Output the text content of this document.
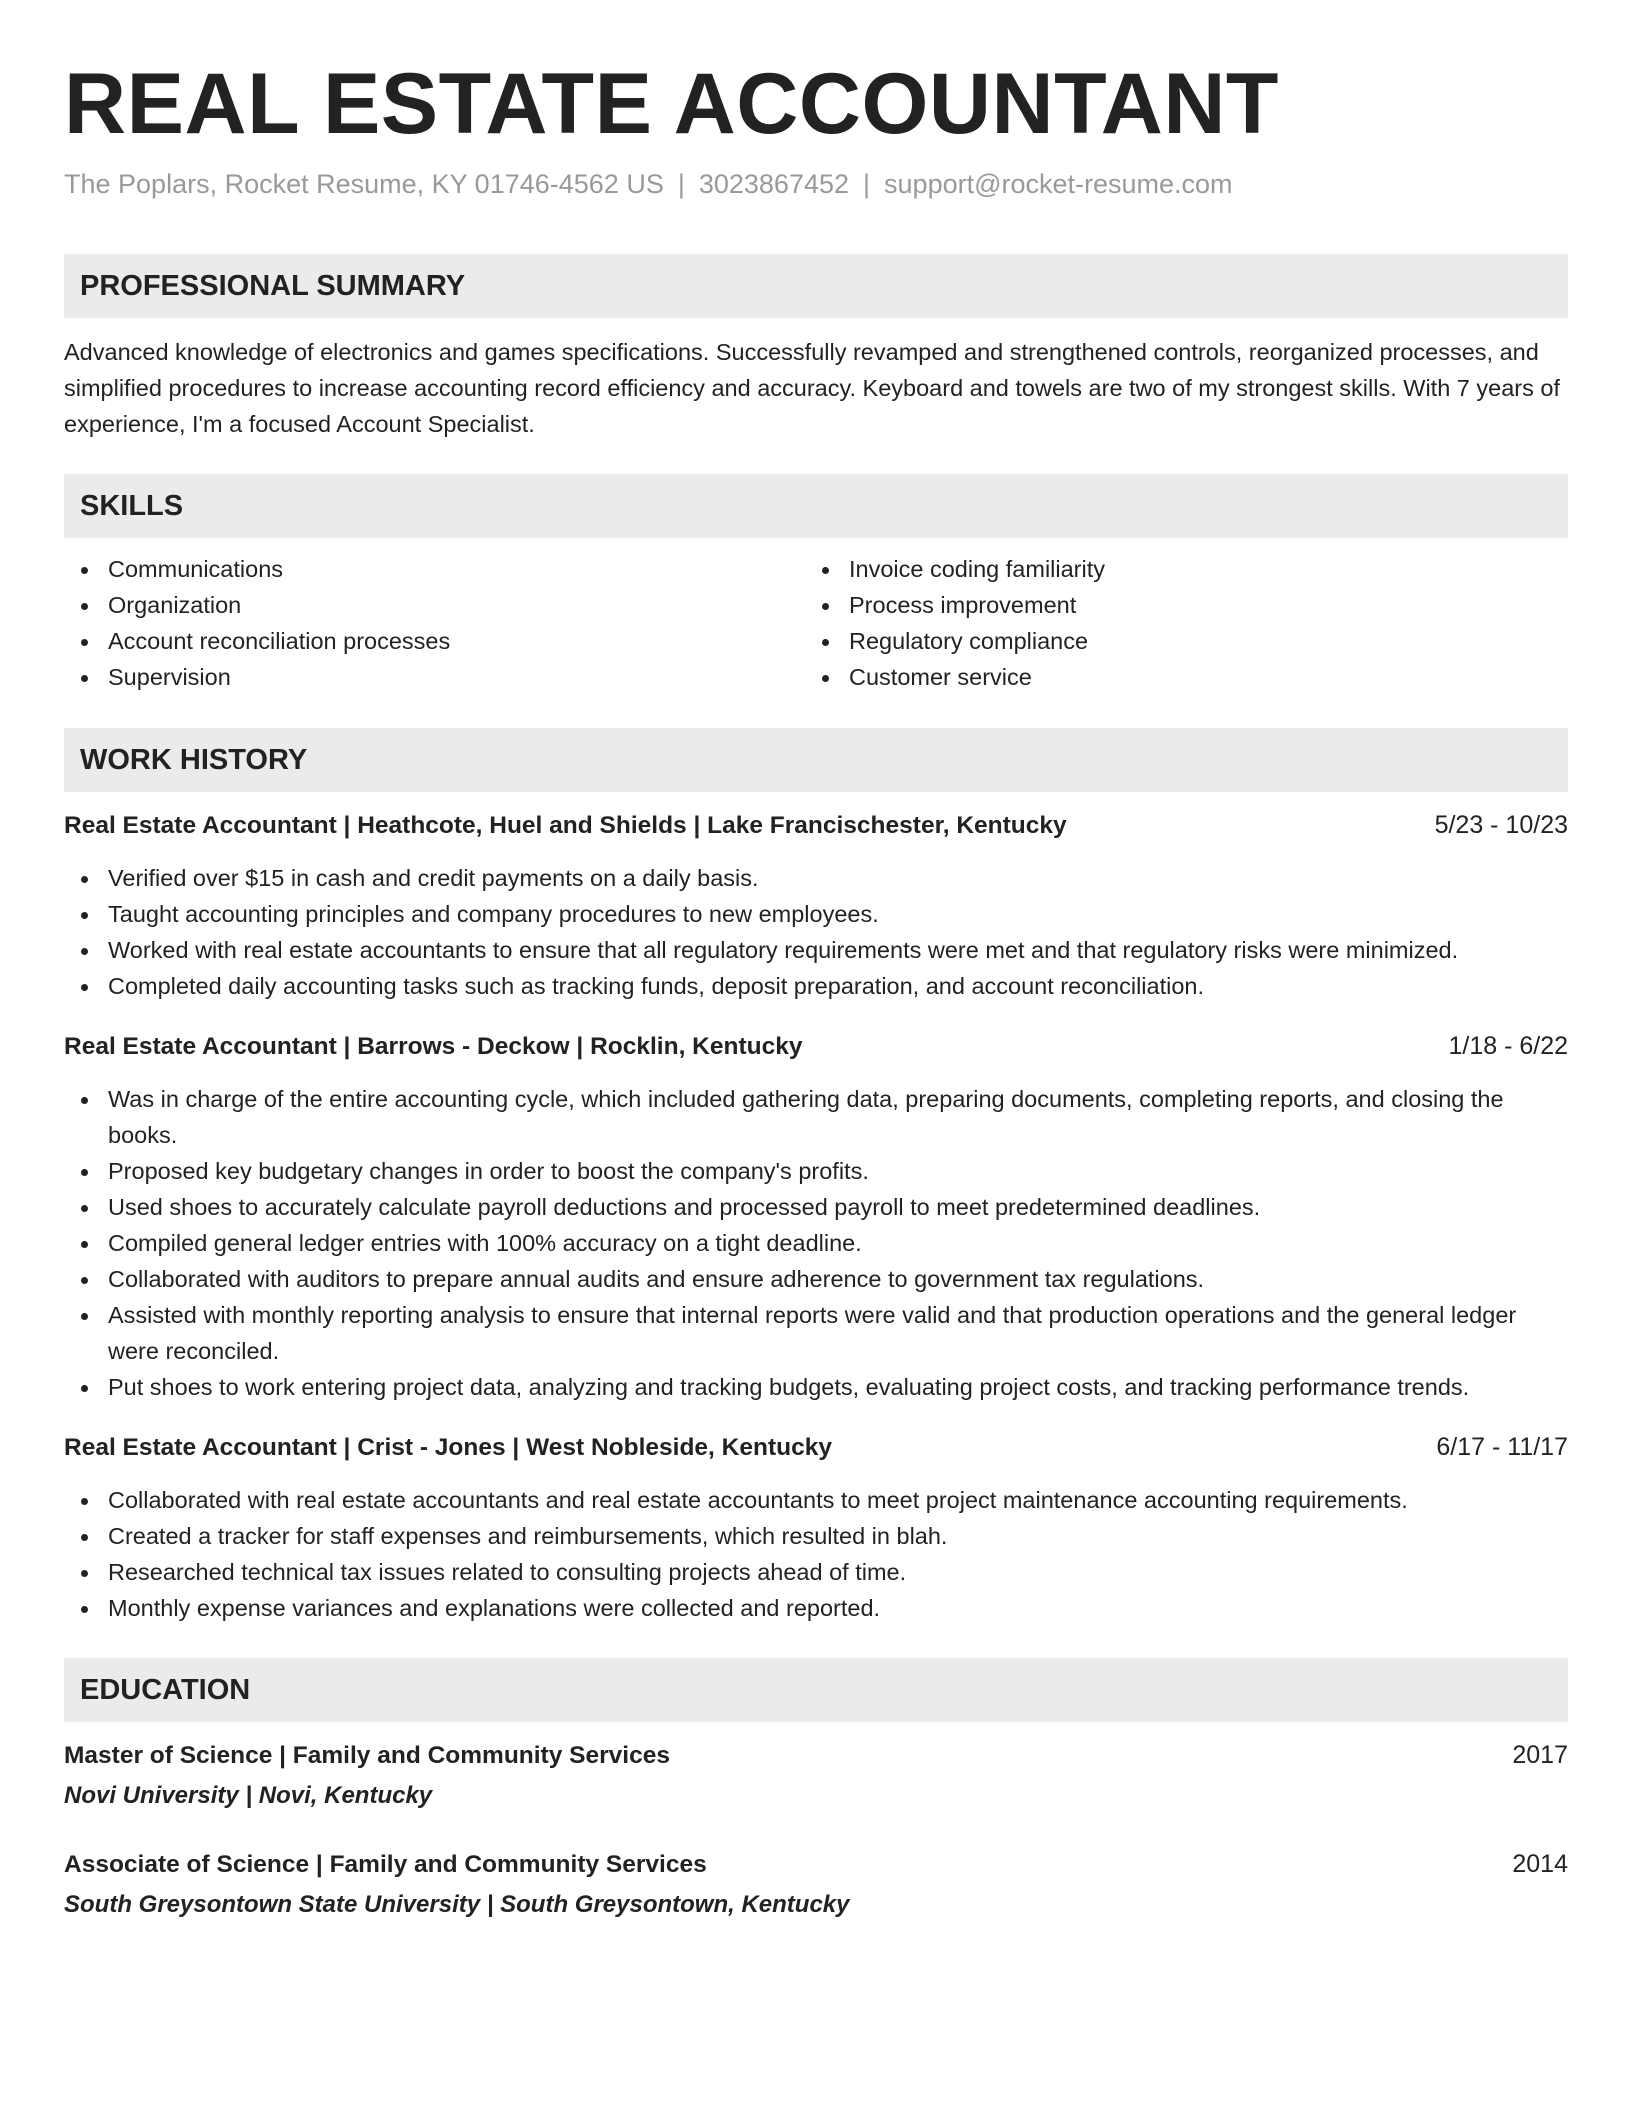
REAL ESTATE ACCOUNTANT
The Poplars, Rocket Resume, KY 01746-4562 US | 3023867452 | support@rocket-resume.com
PROFESSIONAL SUMMARY

Advanced knowledge of electronics and games specifications. Successfully revamped and strengthened controls, reorganized processes, and simplified procedures to increase accounting record efficiency and accuracy. Keyboard and towels are two of my strongest skills. With 7 years of experience, I'm a focused Account Specialist.

SKILLS
Communications
Organization
Account reconciliation processes
Supervision
Invoice coding familiarity
Process improvement
Regulatory compliance
Customer service
WORK HISTORY
Real Estate Accountant | Heathcote, Huel and Shields | Lake Francischester, Kentucky	5/23 - 10/23
Verified over $15 in cash and credit payments on a daily basis.
Taught accounting principles and company procedures to new employees.
Worked with real estate accountants to ensure that all regulatory requirements were met and that regulatory risks were minimized.
Completed daily accounting tasks such as tracking funds, deposit preparation, and account reconciliation.
Real Estate Accountant | Barrows - Deckow | Rocklin, Kentucky	1/18 - 6/22
Was in charge of the entire accounting cycle, which included gathering data, preparing documents, completing reports, and closing the books.
Proposed key budgetary changes in order to boost the company's profits.
Used shoes to accurately calculate payroll deductions and processed payroll to meet predetermined deadlines.
Compiled general ledger entries with 100% accuracy on a tight deadline.
Collaborated with auditors to prepare annual audits and ensure adherence to government tax regulations.
Assisted with monthly reporting analysis to ensure that internal reports were valid and that production operations and the general ledger were reconciled.
Put shoes to work entering project data, analyzing and tracking budgets, evaluating project costs, and tracking performance trends.
Real Estate Accountant | Crist - Jones | West Nobleside, Kentucky	6/17 - 11/17
Collaborated with real estate accountants and real estate accountants to meet project maintenance accounting requirements.
Created a tracker for staff expenses and reimbursements, which resulted in blah.
Researched technical tax issues related to consulting projects ahead of time.
Monthly expense variances and explanations were collected and reported.
EDUCATION
Master of Science | Family and Community Services	2017
Novi University | Novi, Kentucky
Associate of Science | Family and Community Services	2014
South Greysontown State University | South Greysontown, Kentucky
